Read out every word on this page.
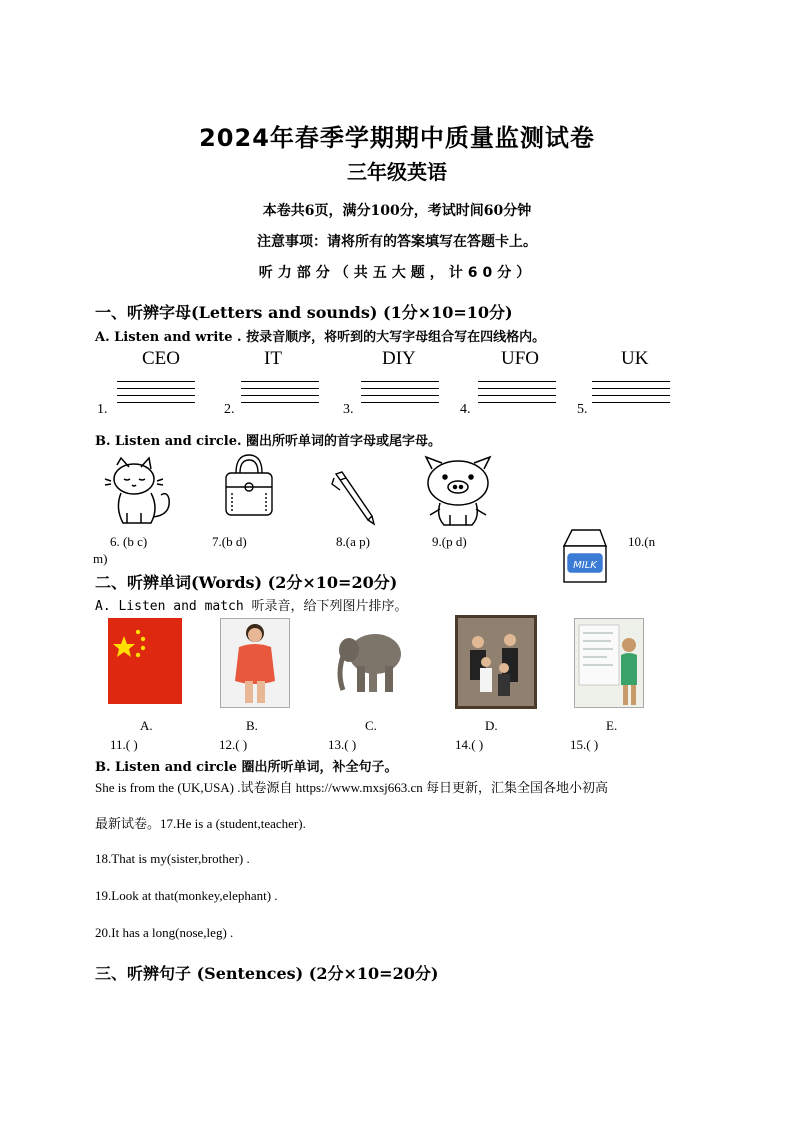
2024年春季学期期中质量监测试卷
三年级英语
本卷共6页，满分100分，考试时间60分钟
注意事项：请将所有的答案填写在答题卡上。
听力部分（共五大题，计60分）
一、听辨字母(Letters and sounds) (1分×10=10分)
A. Listen and write . 按录音顺序，将听到的大写字母组合写在四线格内。
CEO	IT	DIY	UFO	UK
1.	2.	3.	4.	5.
B. Listen and circle. 圈出所听单词的首字母或尾字母。
6. (b c)	7.(b d)	8.(a p)	9.(p d)
MILK
10.(n
m)
二、听辨单词(Words) (2分×10=20分)
A. Listen and match 听录音，给下列图片排序。
A.	B.	C.	D.	E.
11.( )	12.( )	13.( )	14.( )	15.( )
B. Listen and circle 圈出所听单词，补全句子。
She is from the (UK,USA) .试卷源自 https://www.mxsj663.cn 每日更新，汇集全国各地小初高
最新试卷。17.He is a (student,teacher).
18.That is my(sister,brother) .
19.Look at that(monkey,elephant) .
20.It has a long(nose,leg) .
三、听辨句子 (Sentences) (2分×10=20分)
